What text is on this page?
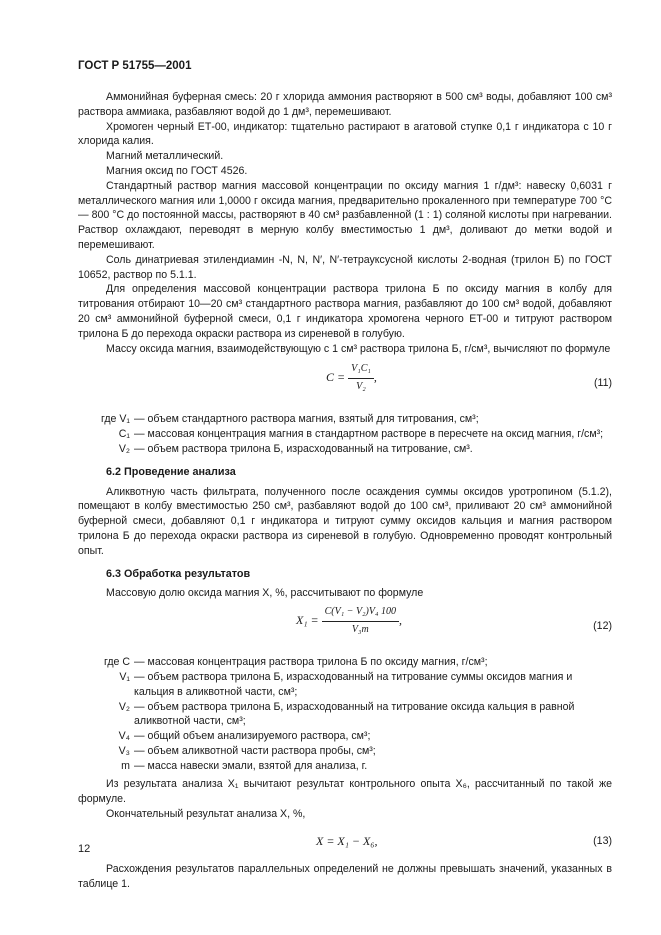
ГОСТ Р 51755—2001

Аммонийная буферная смесь: 20 г хлорида аммония растворяют в 500 см³ воды, добавляют 100 см³ раствора аммиака, разбавляют водой до 1 дм³, перемешивают.

Хромоген черный ЕТ-00, индикатор: тщательно растирают в агатовой ступке 0,1 г индикатора с 10 г хлорида калия.

Магний металлический.

Магния оксид по ГОСТ 4526.

Стандартный раствор магния массовой концентрации по оксиду магния 1 г/дм³: навеску 0,6031 г металлического магния или 1,0000 г оксида магния, предварительно прокаленного при температуре 700 °С — 800 °С до постоянной массы, растворяют в 40 см³ разбавленной (1 : 1) соляной кислоты при нагревании. Раствор охлаждают, переводят в мерную колбу вместимостью 1 дм³, доливают до метки водой и перемешивают.

Соль динатриевая этилендиамин -N, N, N′, N′-тетрауксусной кислоты 2-водная (трилон Б) по ГОСТ 10652, раствор по 5.1.1.

Для определения массовой концентрации раствора трилона Б по оксиду магния в колбу для титрования отбирают 10—20 см³ стандартного раствора магния, разбавляют до 100 см³ водой, добавляют 20 см³ аммонийной буферной смеси, 0,1 г индикатора хромогена черного ЕТ-00 и титруют раствором трилона Б до перехода окраски раствора из сиреневой в голубую.

Массу оксида магния, взаимодействующую с 1 см³ раствора трилона Б, г/см³, вычисляют по формуле

$С = \frac{\text{V₁C₁}}{\text{V₂}}$ ,	(11)
где V₁ — объем стандартного раствора магния, взятый для титрования, см³;
C₁ — массовая концентрация магния в стандартном растворе в пересчете на оксид магния, г/см³;
V₂ — объем раствора трилона Б, израсходованный на титрование, см³.
6.2 Проведение анализа

Аликвотную часть фильтрата, полученного после осаждения суммы оксидов уротропином (5.1.2), помещают в колбу вместимостью 250 см³, разбавляют водой до 100 см³, приливают 20 см³ аммонийной буферной смеси, добавляют 0,1 г индикатора и титруют сумму оксидов кальция и магния раствором трилона Б до перехода окраски раствора из сиреневой в голубую. Одновременно проводят контрольный опыт.

6.3 Обработка результатов

Массовую долю оксида магния X, %, рассчитывают по формуле

$X_1 = \frac{\text{C(V₁ − V₂)V₄ 100}}{\text{V₃m}}$ ,	(12)
где C — массовая концентрация раствора трилона Б по оксиду магния, г/см³;
V₁ — объем раствора трилона Б, израсходованный на титрование суммы оксидов магния и кальция в аликвотной части, см³;
V₂ — объем раствора трилона Б, израсходованный на титрование оксида кальция в равной аликвотной части, см³;
V₄ — общий объем анализируемого раствора, см³;
V₃ — объем аликвотной части раствора пробы, см³;
m — масса навески эмали, взятой для анализа, г.

Из результата анализа X₁ вычитают результат контрольного опыта X₆, рассчитанный по такой же формуле.

Окончательный результат анализа X, %,

X = X₁ − X₆,	(13)

Расхождения результатов параллельных определений не должны превышать значений, указанных в таблице 1.

12
